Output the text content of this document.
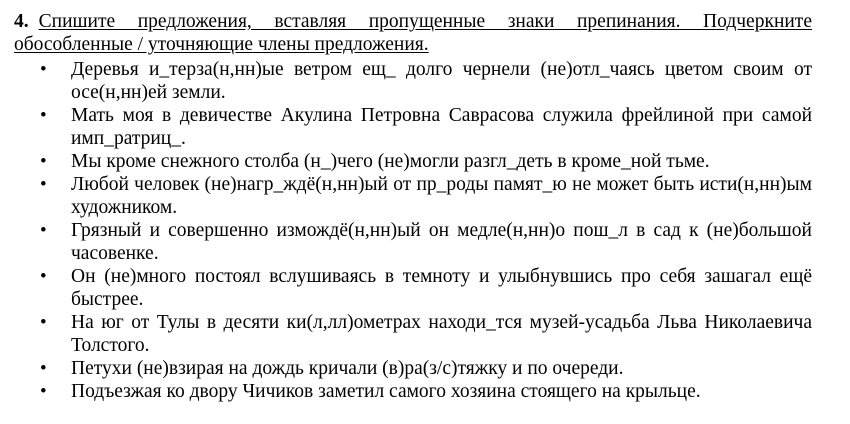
4. Спишите предложения, вставляя пропущенные знаки препинания. Подчеркните обособленные / уточняющие члены предложения.
• Деревья и_терза(н,нн)ые ветром ещ_ долго чернели (не)отл_чаясь цветом своим от осе(н,нн)ей земли.
• Мать моя в девичестве Акулина Петровна Саврасова служила фрейлиной при самой имп_ратриц_.
• Мы кроме снежного столба (н_)чего (не)могли разгл_деть в кроме_ной тьме.
• Любой человек (не)нагр_ждё(н,нн)ый от пр_роды памят_ю не может быть исти(н,нн)ым художником.
• Грязный и совершенно измождё(н,нн)ый он медле(н,нн)о пош_л в сад к (не)большой часовенке.
• Он (не)много постоял вслушиваясь в темноту и улыбнувшись про себя зашагал ещё быстрее.
• На юг от Тулы в десяти ки(л,лл)ометрах находи_тся музей-усадьба Льва Николаевича Толстого.
• Петухи (не)взирая на дождь кричали (в)ра(з/с)тяжку и по очереди.
• Подъезжая ко двору Чичиков заметил самого хозяина стоящего на крыльце.
